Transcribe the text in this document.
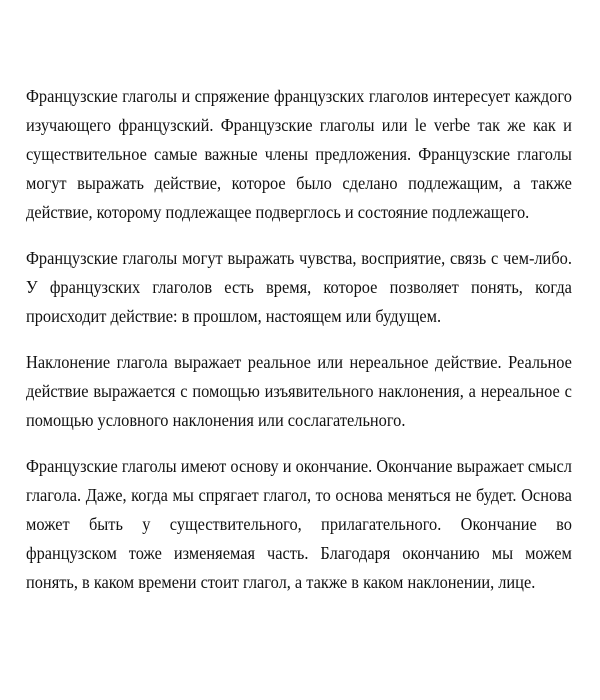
Французские глаголы и спряжение французских глаголов интересует каждого изучающего французский. Французские глаголы или le verbe так же как и существительное самые важные члены предложения. Французские глаголы могут выражать действие, которое было сделано подлежащим, а также действие, которому подлежащее подверглось и состояние подлежащего.

Французские глаголы могут выражать чувства, восприятие, связь с чем-либо. У французских глаголов есть время, которое позволяет понять, когда происходит действие: в прошлом, настоящем или будущем.

Наклонение глагола выражает реальное или нереальное действие. Реальное действие выражается с помощью изъявительного наклонения, а нереальное с помощью условного наклонения или сослагательного.

Французские глаголы имеют основу и окончание. Окончание выражает смысл глагола. Даже, когда мы спрягает глагол, то основа меняться не будет. Основа может быть у существительного, прилагательного. Окончание во французском тоже изменяемая часть. Благодаря окончанию мы можем понять, в каком времени стоит глагол, а также в каком наклонении, лице.
